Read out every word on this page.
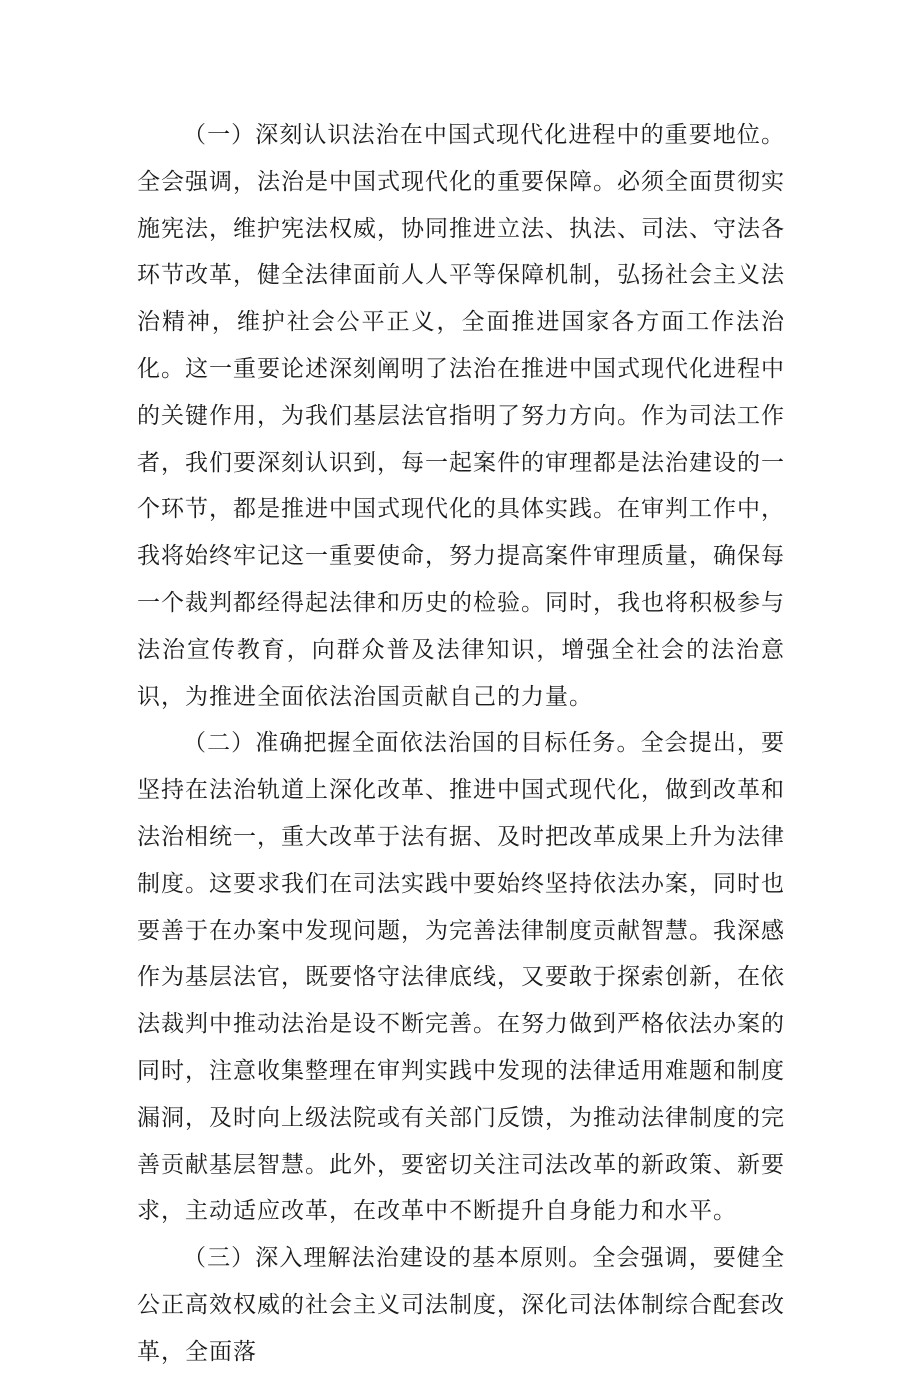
（一）深刻认识法治在中国式现代化进程中的重要地位。全会强调，法治是中国式现代化的重要保障。必须全面贯彻实施宪法，维护宪法权威，协同推进立法、执法、司法、守法各环节改革，健全法律面前人人平等保障机制，弘扬社会主义法治精神，维护社会公平正义，全面推进国家各方面工作法治化。这一重要论述深刻阐明了法治在推进中国式现代化进程中的关键作用，为我们基层法官指明了努力方向。作为司法工作者，我们要深刻认识到，每一起案件的审理都是法治建设的一个环节，都是推进中国式现代化的具体实践。在审判工作中，我将始终牢记这一重要使命，努力提高案件审理质量，确保每一个裁判都经得起法律和历史的检验。同时，我也将积极参与法治宣传教育，向群众普及法律知识，增强全社会的法治意识，为推进全面依法治国贡献自己的力量。

（二）准确把握全面依法治国的目标任务。全会提出，要坚持在法治轨道上深化改革、推进中国式现代化，做到改革和法治相统一，重大改革于法有据、及时把改革成果上升为法律制度。这要求我们在司法实践中要始终坚持依法办案，同时也要善于在办案中发现问题，为完善法律制度贡献智慧。我深感作为基层法官，既要恪守法律底线，又要敢于探索创新，在依法裁判中推动法治是设不断完善。在努力做到严格依法办案的同时，注意收集整理在审判实践中发现的法律适用难题和制度漏洞，及时向上级法院或有关部门反馈，为推动法律制度的完善贡献基层智慧。此外，要密切关注司法改革的新政策、新要求，主动适应改革，在改革中不断提升自身能力和水平。

（三）深入理解法治建设的基本原则。全会强调，要健全公正高效权威的社会主义司法制度，深化司法体制综合配套改革，全面落
